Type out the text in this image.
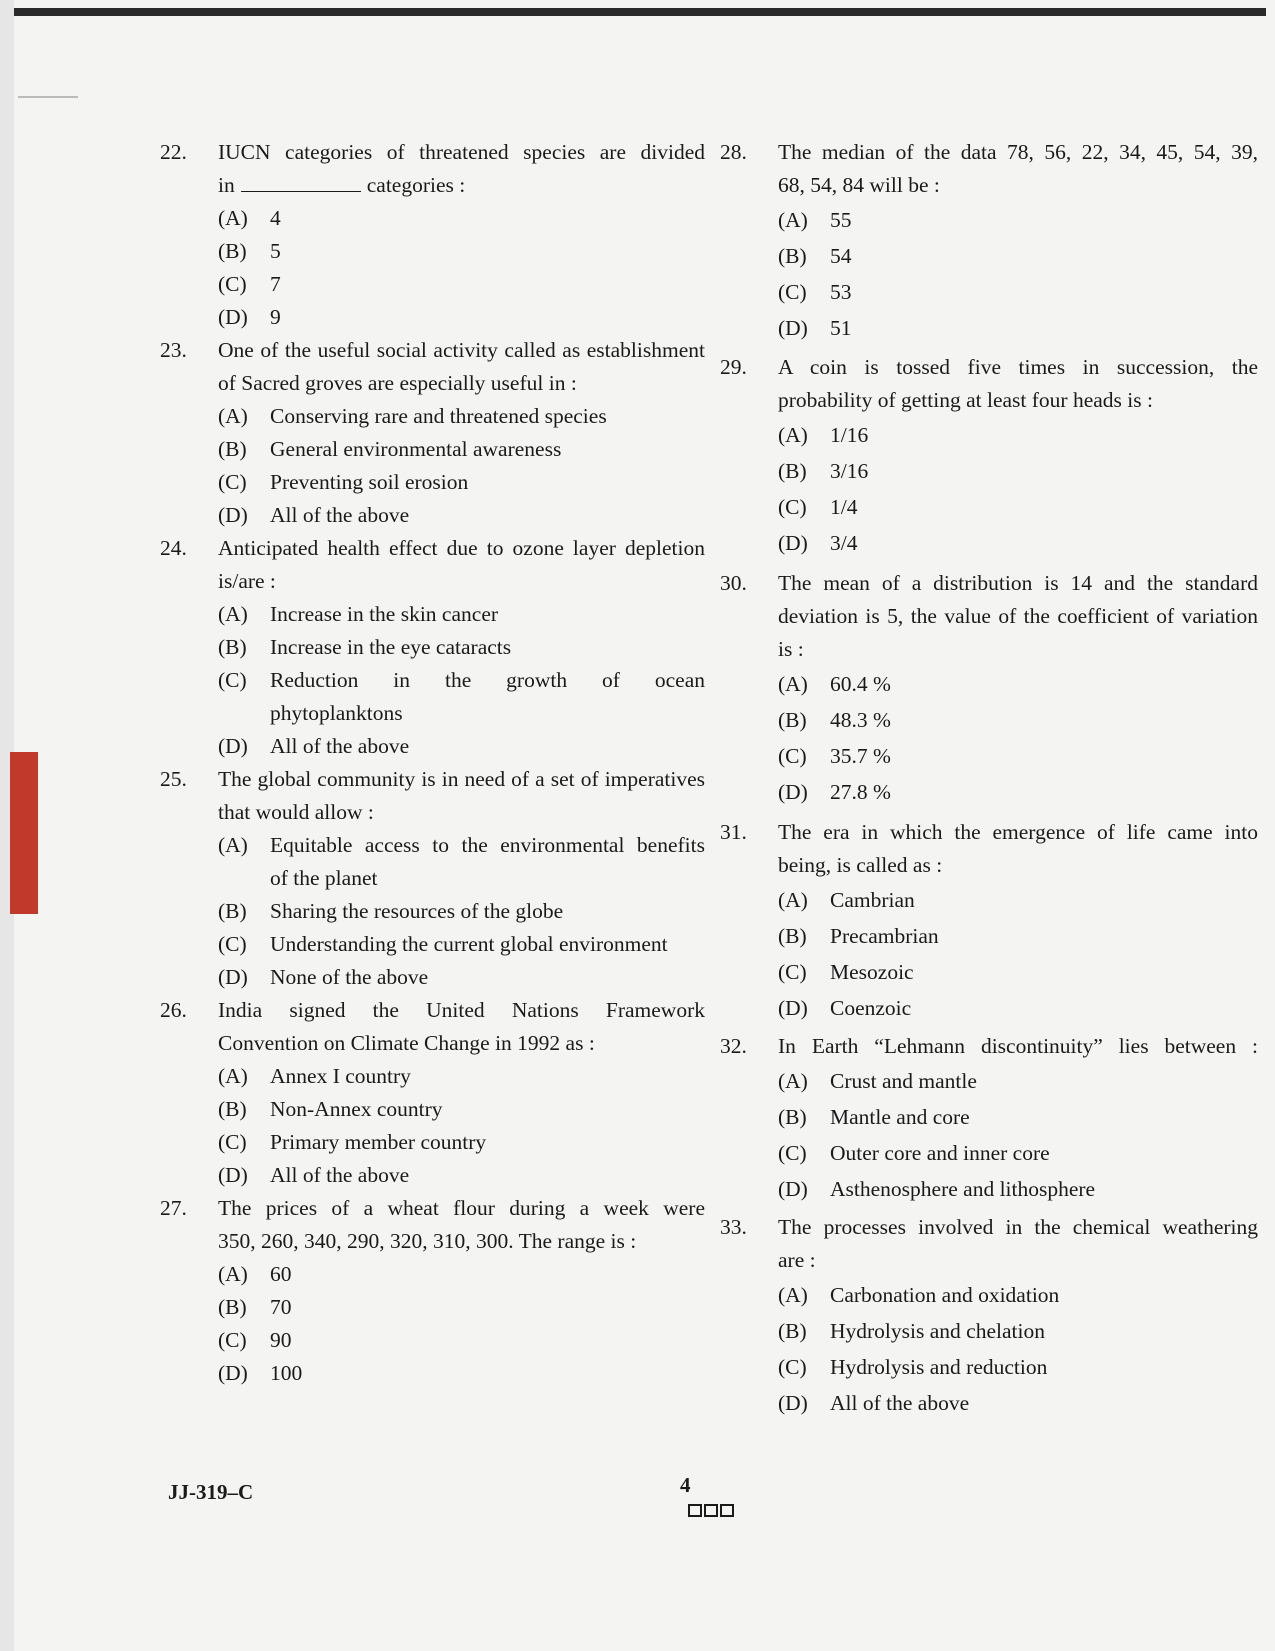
22. IUCN categories of threatened species are divided
in	categories :
(A)	4
(B)	5
(C)	7
(D)	9
23. One of the useful social activity called as establishment
of Sacred groves are especially useful in :
(A)	Conserving rare and threatened species
(B)	General environmental awareness
(C)	Preventing soil erosion
(D)	All of the above
24. Anticipated health effect due to ozone layer depletion
is/are :
(A)	Increase in the skin cancer
(B)	Increase in the eye cataracts
(C)	Reduction in the growth of ocean
phytoplanktons
(D)	All of the above
25. The global community is in need of a set of imperatives
that would allow :
(A)	Equitable access to the environmental benefits
of the planet
(B)	Sharing the resources of the globe
(C)	Understanding the current global environment
(D)	None of the above
26. India signed the United Nations Framework
Convention on Climate Change in 1992 as :
(A)	Annex I country
(B)	Non-Annex country
(C)	Primary member country
(D)	All of the above
27. The prices of a wheat flour during a week were
350, 260, 340, 290, 320, 310, 300. The range is :
(A)	60
(B)	70
(C)	90
(D)	100
28. The median of the data 78, 56, 22, 34, 45, 54, 39,
68, 54, 84 will be :
(A)	55
(B)	54
(C)	53
(D)	51
29. A coin is tossed five times in succession, the
probability of getting at least four heads is :
(A)	1/16
(B)	3/16
(C)	1/4
(D)	3/4
30. The mean of a distribution is 14 and the standard
deviation is 5, the value of the coefficient of variation
is :
(A)	60.4 %
(B)	48.3 %
(C)	35.7 %
(D)	27.8 %
31. The era in which the emergence of life came into
being, is called as :
(A)	Cambrian
(B)	Precambrian
(C)	Mesozoic
(D)	Coenzoic
32. In Earth “Lehmann discontinuity” lies between :
(A)	Crust and mantle
(B)	Mantle and core
(C)	Outer core and inner core
(D)	Asthenosphere and lithosphere
33. The processes involved in the chemical weathering
are :
(A)	Carbonation and oxidation
(B)	Hydrolysis and chelation
(C)	Hydrolysis and reduction
(D)	All of the above
JJ-319–C	4
